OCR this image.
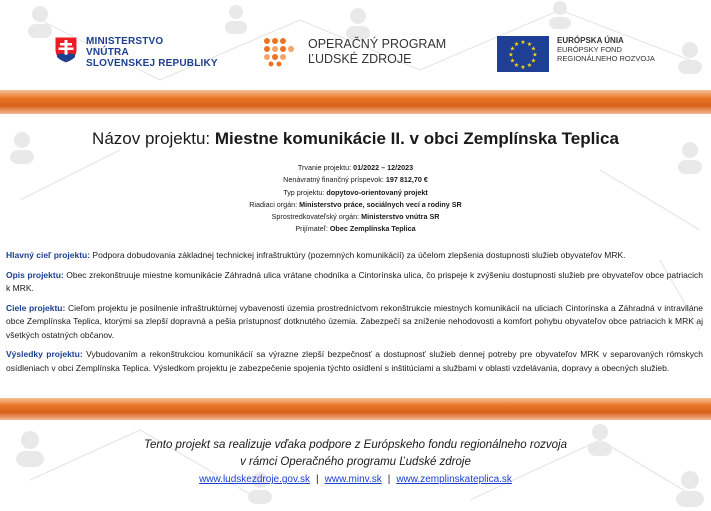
MINISTERSTVO
VNÚTRA
SLOVENSKEJ REPUBLIKY
OPERAČNÝ PROGRAM
ĽUDSKÉ ZDROJE
★ ★
★
★
★
★
★
★
★
★
★
★	EURÓPSKA ÚNIA
EURÓPSKY FOND
REGIONÁLNEHO ROZVOJA
Názov projektu: Miestne komunikácie II. v obci Zemplínska Teplica
Trvanie projektu: 01/2022 – 12/2023
Nenávratný finančný príspevok: 197 812,70 €
Typ projektu: dopytovo-orientovaný projekt
Riadiaci orgán: Ministerstvo práce, sociálnych vecí a rodiny SR
Sprostredkovateľský orgán: Ministerstvo vnútra SR
Prijímateľ: Obec Zemplínska Teplica

Hlavný cieľ projektu: Podpora dobudovania základnej technickej infraštruktúry (pozemných komunikácií) za účelom zlepšenia dostupnosti služieb obyvateľov MRK.

Opis projektu: Obec zrekonštruuje miestne komunikácie Záhradná ulica vrátane chodníka a Cintorínska ulica, čo prispeje k zvýšeniu dostupnosti služieb pre obyvateľov obce patriacich k MRK.

Ciele projektu: Cieľom projektu je posilnenie infraštruktúrnej vybavenosti územia prostredníctvom rekonštrukcie miestnych komunikácií na uliciach Cintorínska a Záhradná v intraviláne obce Zemplínska Teplica, ktorými sa zlepší dopravná a pešia prístupnosť dotknutého územia. Zabezpečí sa zníženie nehodovosti a komfort pohybu obyvateľov obce patriacich k MRK aj všetkých ostatných občanov.

Výsledky projektu: Vybudovaním a rekonštrukciou komunikácií sa výrazne zlepší bezpečnosť a dostupnosť služieb dennej potreby pre obyvateľov MRK v separovaných rómskych osídleniach v obci Zemplínska Teplica. Výsledkom projektu je zabezpečenie spojenia týchto osídlení s inštitúciami a službami v oblasti vzdelávania, dopravy a obecných služieb.

Tento projekt sa realizuje vďaka podpore z Európskeho fondu regionálneho rozvoja
v rámci Operačného programu Ľudské zdroje
www.ludskezdroje.gov.sk | www.minv.sk | www.zemplinskateplica.sk
